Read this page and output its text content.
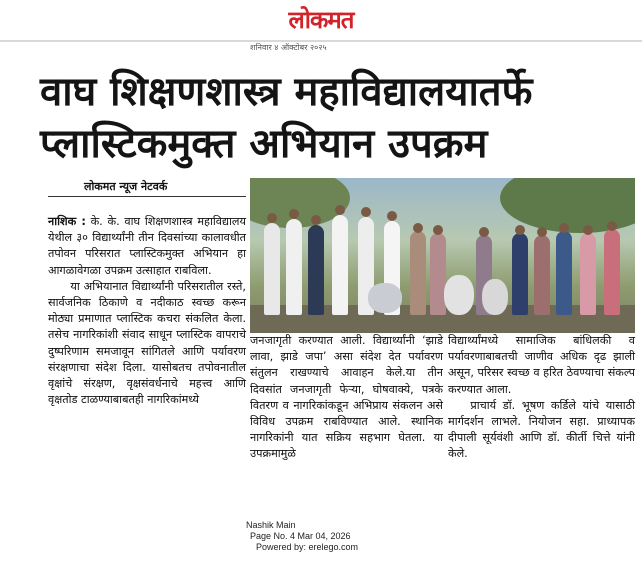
लोकमत
शनिवार ४ ऑक्टोबर २०२५
वाघ शिक्षणशास्त्र महाविद्यालयातर्फे
प्लास्टिकमुक्त अभियान उपक्रम
लोकमत न्यूज नेटवर्क

नाशिक : के. के. वाघ शिक्षणशास्त्र महाविद्यालय येथील ३० विद्यार्थ्यांनी तीन दिवसांच्या कालावधीत तपोवन परिसरात प्लास्टिकमुक्त अभियान हा आगळावेगळा उपक्रम उत्साहात राबविला.

या अभियानात विद्यार्थ्यांनी परिसरातील रस्ते, सार्वजनिक ठिकाणे व नदीकाठ स्वच्छ करून मोठ्या प्रमाणात प्लास्टिक कचरा संकलित केला. तसेच नागरिकांशी संवाद साधून प्लास्टिक वापराचे दुष्परिणाम समजावून सांगितले आणि पर्यावरण संरक्षणाचा संदेश दिला. यासोबतच तपोवनातील वृक्षांचे संरक्षण, वृक्षसंवर्धनाचे महत्त्व आणि वृक्षतोड टाळण्याबाबतही नागरिकांमध्ये

जनजागृती करण्यात आली. विद्यार्थ्यांनी ‘झाडे लावा, झाडे जपा’ असा संदेश देत पर्यावरण संतुलन राखण्याचे आवाहन केले.या तीन दिवसांत जनजागृती फेऱ्या, घोषवाक्ये, पत्रके वितरण व नागरिकांकडून अभिप्राय संकलन असे विविध उपक्रम राबविण्यात आले. स्थानिक नागरिकांनी यात सक्रिय सहभाग घेतला. या उपक्रमामुळे

विद्यार्थ्यांमध्ये सामाजिक बांधिलकी व पर्यावरणाबाबतची जाणीव अधिक दृढ झाली असून, परिसर स्वच्छ व हरित ठेवण्याचा संकल्प करण्यात आला.

प्राचार्य डॉ. भूषण कर्डिले यांचे यासाठी मार्गदर्शन लाभले. नियोजन सहा. प्राध्यापक दीपाली सूर्यवंशी आणि डॉ. कीर्ती चित्ते यांनी केले.

Nashik Main
Page No. 4 Mar 04, 2026
Powered by: erelego.com
